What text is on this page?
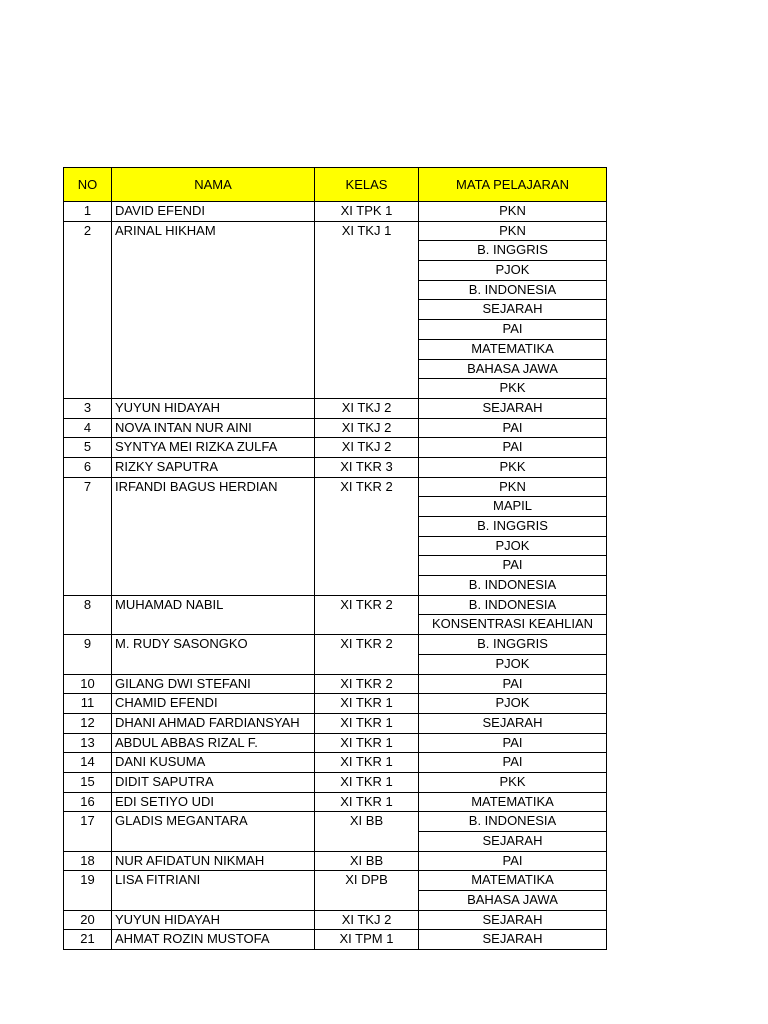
NO	NAMA	KELAS	MATA PELAJARAN
1	DAVID EFENDI	XI TPK 1	PKN
2	ARINAL HIKHAM	XI TKJ 1	PKN
			B. INGGRIS
			PJOK
			B. INDONESIA
			SEJARAH
			PAI
			MATEMATIKA
			BAHASA JAWA
			PKK
3	YUYUN HIDAYAH	XI TKJ 2	SEJARAH
4	NOVA INTAN NUR AINI	XI TKJ 2	PAI
5	SYNTYA MEI RIZKA ZULFA	XI TKJ 2	PAI
6	RIZKY SAPUTRA	XI TKR 3	PKK
7	IRFANDI BAGUS HERDIAN	XI TKR 2	PKN
			MAPIL
			B. INGGRIS
			PJOK
			PAI
			B. INDONESIA
8	MUHAMAD NABIL	XI TKR 2	B. INDONESIA
			KONSENTRASI KEAHLIAN
9	M. RUDY SASONGKO	XI TKR 2	B. INGGRIS
			PJOK
10	GILANG DWI STEFANI	XI TKR 2	PAI
11	CHAMID EFENDI	XI TKR 1	PJOK
12	DHANI AHMAD FARDIANSYAH	XI TKR 1	SEJARAH
13	ABDUL ABBAS RIZAL F.	XI TKR 1	PAI
14	DANI KUSUMA	XI TKR 1	PAI
15	DIDIT SAPUTRA	XI TKR 1	PKK
16	EDI SETIYO UDI	XI TKR 1	MATEMATIKA
17	GLADIS MEGANTARA	XI BB	B. INDONESIA
			SEJARAH
18	NUR AFIDATUN NIKMAH	XI BB	PAI
19	LISA FITRIANI	XI DPB	MATEMATIKA
			BAHASA JAWA
20	YUYUN HIDAYAH	XI TKJ 2	SEJARAH
21	AHMAT ROZIN MUSTOFA	XI TPM 1	SEJARAH
